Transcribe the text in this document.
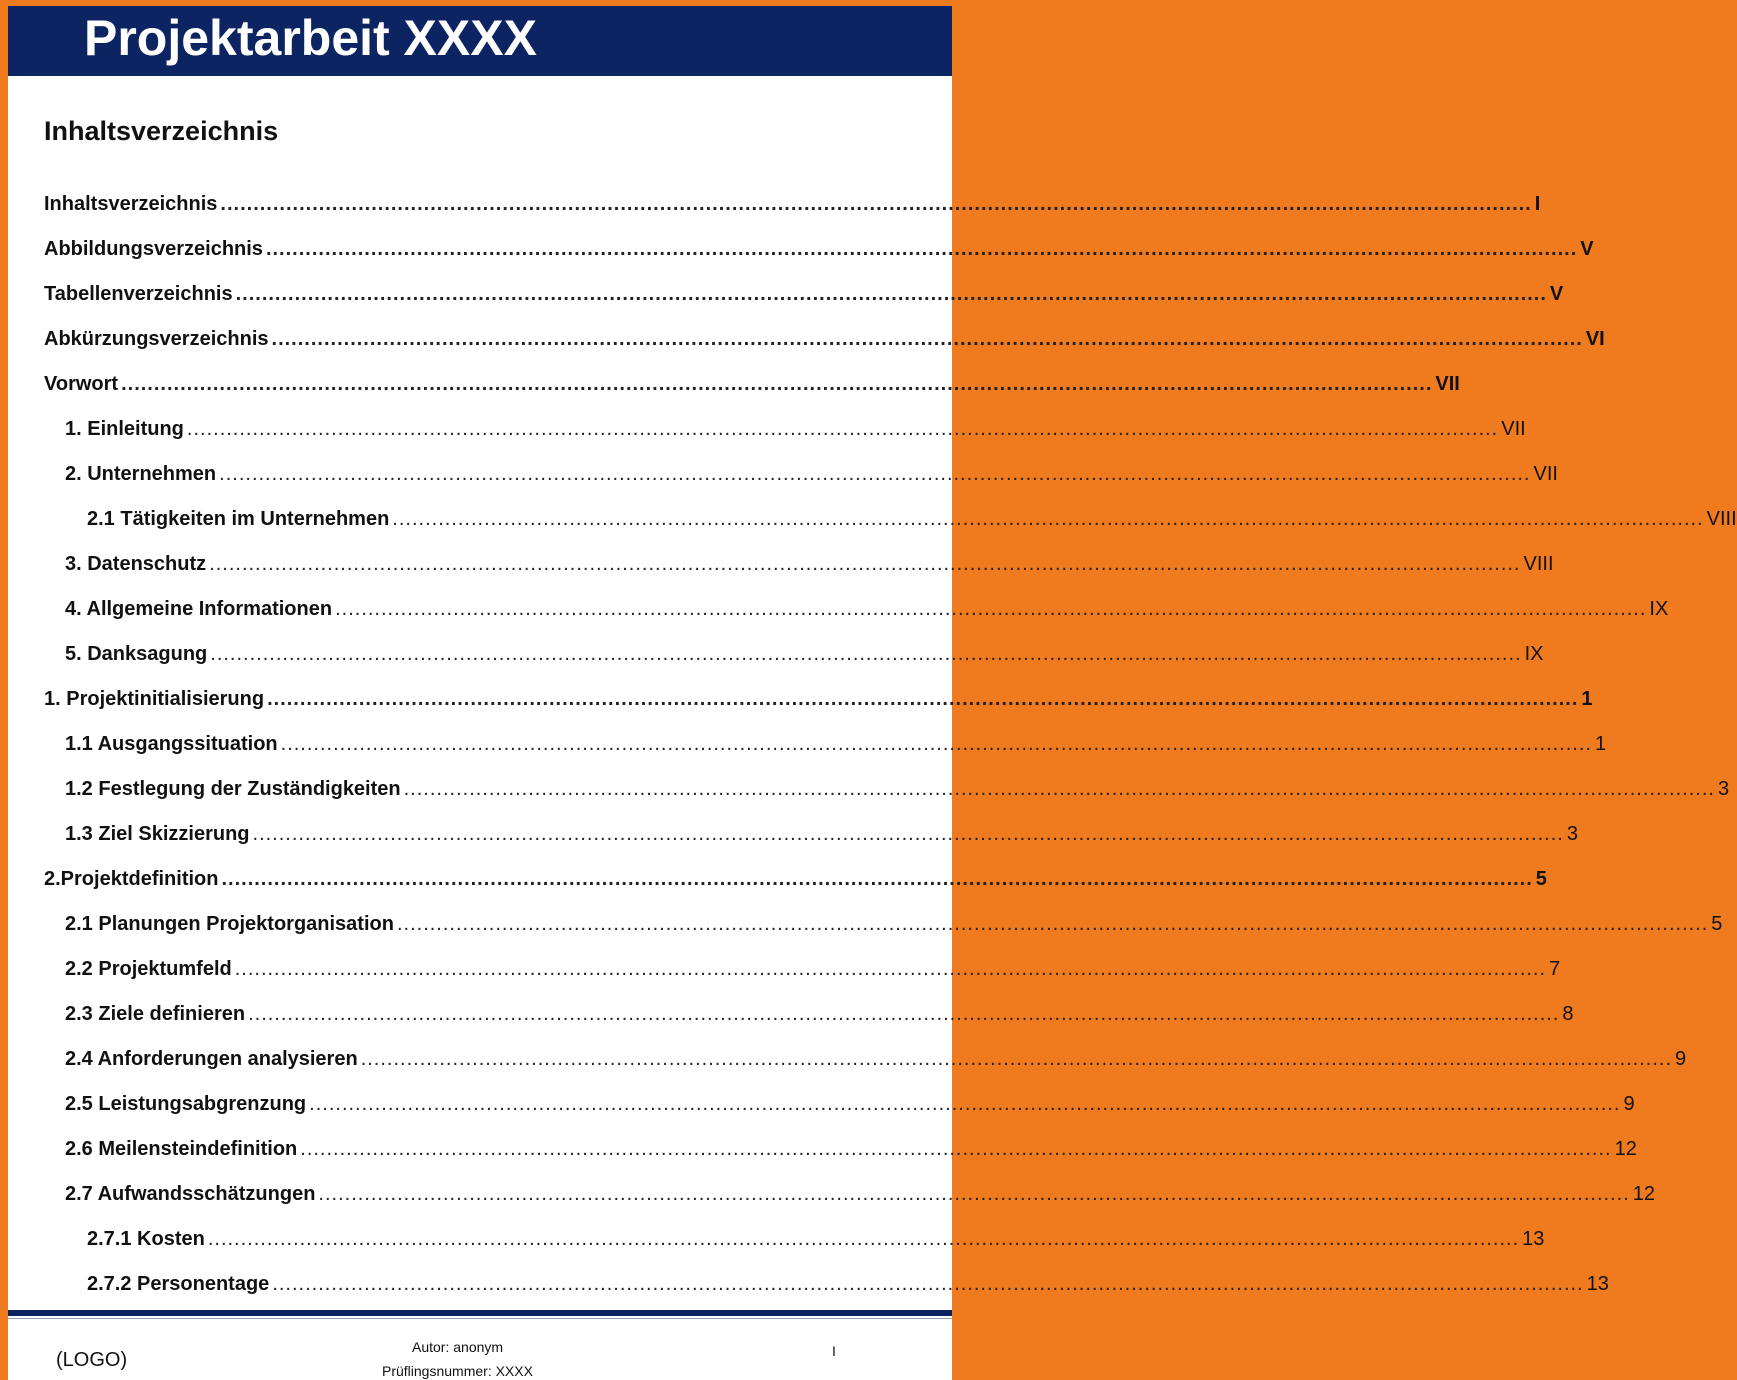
Projektarbeit XXXX
Inhaltsverzeichnis
Inhaltsverzeichnis ........................................................................................................................................................................................................ I
Abbildungsverzeichnis ........................................................................................................................................................................................................ V
Tabellenverzeichnis ........................................................................................................................................................................................................ V
Abkürzungsverzeichnis ........................................................................................................................................................................................................ VI
Vorwort ........................................................................................................................................................................................................ VII
1. Einleitung ........................................................................................................................................................................................................ VII
2. Unternehmen ........................................................................................................................................................................................................ VII
2.1 Tätigkeiten im Unternehmen ........................................................................................................................................................................................................ VIII
3. Datenschutz ........................................................................................................................................................................................................ VIII
4. Allgemeine Informationen ........................................................................................................................................................................................................ IX
5. Danksagung ........................................................................................................................................................................................................ IX
1. Projektinitialisierung ........................................................................................................................................................................................................ 1
1.1 Ausgangssituation ........................................................................................................................................................................................................ 1
1.2 Festlegung der Zuständigkeiten ........................................................................................................................................................................................................ 3
1.3 Ziel Skizzierung ........................................................................................................................................................................................................ 3
2.Projektdefinition ........................................................................................................................................................................................................ 5
2.1 Planungen Projektorganisation ........................................................................................................................................................................................................ 5
2.2 Projektumfeld ........................................................................................................................................................................................................ 7
2.3 Ziele definieren ........................................................................................................................................................................................................ 8
2.4 Anforderungen analysieren ........................................................................................................................................................................................................ 9
2.5 Leistungsabgrenzung ........................................................................................................................................................................................................ 9
2.6 Meilensteindefinition ........................................................................................................................................................................................................ 12
2.7 Aufwandsschätzungen ........................................................................................................................................................................................................ 12
2.7.1 Kosten ........................................................................................................................................................................................................ 13
2.7.2 Personentage ........................................................................................................................................................................................................ 13
(LOGO)
Autor: anonym
Prüflingsnummer: XXXX
I
